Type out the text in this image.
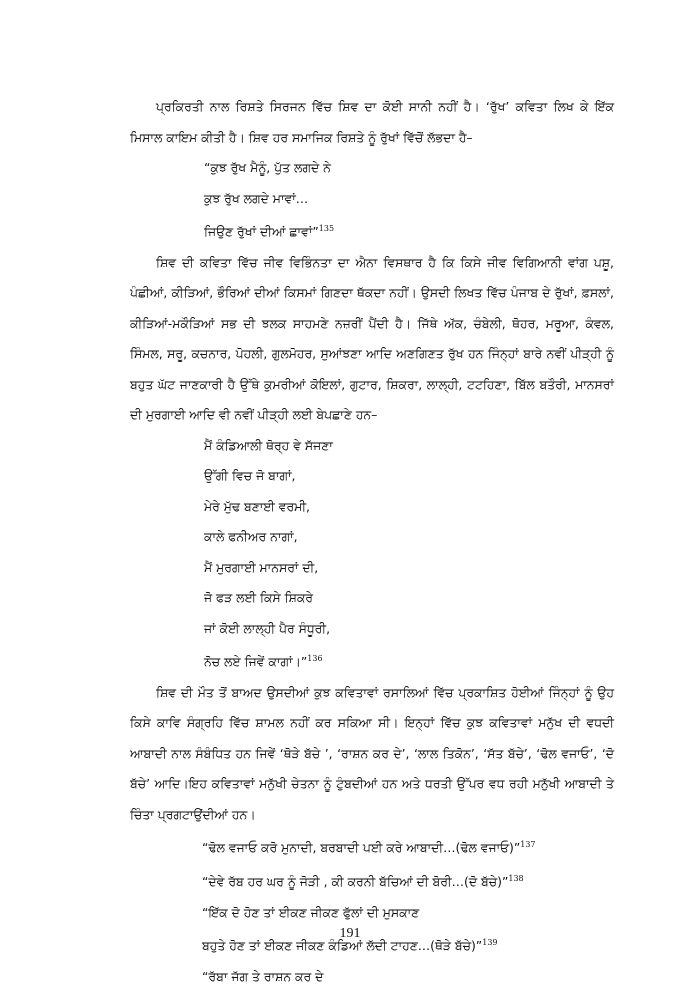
ਪ੍ਰਕਿਰਤੀ ਨਾਲ ਰਿਸ਼ਤੇ ਸਿਰਜਨ ਵਿੱਚ ਸ਼ਿਵ ਦਾ ਕੋਈ ਸਾਨੀ ਨਹੀਂ ਹੈ। ‘ਰੁੱਖ’ ਕਵਿਤਾ ਲਿਖ ਕੇ ਇੱਕ ਮਿਸਾਲ ਕਾਇਮ ਕੀਤੀ ਹੈ। ਸ਼ਿਵ ਹਰ ਸਮਾਜਿਕ ਰਿਸ਼ਤੇ ਨੂੰ ਰੁੱਖਾਂ ਵਿੱਚੋਂ ਲੱਭਦਾ ਹੈ–

“ਕੁਝ ਰੁੱਖ ਮੈਨੂੰ, ਪੁੱਤ ਲਗਦੇ ਨੇ
ਕੁਝ ਰੁੱਖ ਲਗਦੇ ਮਾਵਾਂ…
ਜਿਉਣ ਰੁੱਖਾਂ ਦੀਆਂ ਛਾਵਾਂ”$^{135}$

ਸ਼ਿਵ ਦੀ ਕਵਿਤਾ ਵਿੱਚ ਜੀਵ ਵਿਭਿੰਨਤਾ ਦਾ ਐਨਾ ਵਿਸਥਾਰ ਹੈ ਕਿ ਕਿਸੇ ਜੀਵ ਵਿਗਿਆਨੀ ਵਾਂਗ ਪਸ਼ੂ, ਪੰਛੀਆਂ, ਕੀੜਿਆਂ, ਭੌਰਿਆਂ ਦੀਆਂ ਕਿਸਮਾਂ ਗਿਣਦਾ ਥੱਕਦਾ ਨਹੀਂ। ਉਸਦੀ ਲਿਖਤ ਵਿੱਚ ਪੰਜਾਬ ਦੇ ਰੁੱਖਾਂ, ਫ਼ਸਲਾਂ, ਕੀੜਿਆਂ-ਮਕੌੜਿਆਂ ਸਭ ਦੀ ਝਲਕ ਸਾਹਮਣੇ ਨਜ਼ਰੀਂ ਪੈਂਦੀ ਹੈ। ਜਿੱਥੇ ਅੱਕ, ਚੰਬੇਲੀ, ਥੋਹਰ, ਮਰੂਆ, ਕੰਵਲ, ਸਿੰਮਲ, ਸਰੂ, ਕਚਨਾਰ, ਪੋਹਲੀ, ਗੁਲਮੋਹਰ, ਸੁਆਂਝਣਾ ਆਦਿ ਅਣਗਿਣਤ ਰੁੱਖ ਹਨ ਜਿੰਨ੍ਹਾਂ ਬਾਰੇ ਨਵੀਂ ਪੀੜ੍ਹੀ ਨੂੰ ਬਹੁਤ ਘੱਟ ਜਾਣਕਾਰੀ ਹੈ ਉੱਥੇ ਕੁਮਰੀਆਂ ਕੋਇਲਾਂ, ਗੁਟਾਰ, ਸ਼ਿਕਰਾ, ਲਾਲ੍ਹੀ, ਟਟਹਿਣਾ, ਬਿੱਲ ਬਤੌਰੀ, ਮਾਨਸਰਾਂ ਦੀ ਮੁਰਗਾਈ ਆਦਿ ਵੀ ਨਵੀਂ ਪੀੜ੍ਹੀ ਲਈ ਬੇਪਛਾਣੇ ਹਨ–

ਮੈਂ ਕੰਡਿਆਲੀ ਥੋਰ੍ਹ ਵੇ ਸੱਜਣਾ
ਉੱਗੀ ਵਿਚ ਜੋ ਬਾਗਾਂ,
ਮੇਰੇ ਮੁੱਢ ਬਣਾਈ ਵਰਮੀ,
ਕਾਲੇ ਫਨੀਅਰ ਨਾਗਾਂ,
ਮੈਂ ਮੁਰਗਾਈ ਮਾਨਸਰਾਂ ਦੀ,
ਜੋ ਫੜ ਲਈ ਕਿਸੇ ਸ਼ਿਕਰੇ
ਜਾਂ ਕੋਈ ਲਾਲ੍ਹੀ ਪੈਰ ਸੰਧੂਰੀ,
ਨੋਚ ਲਏ ਜਿਵੇਂ ਕਾਗਾਂ।”$^{136}$

ਸ਼ਿਵ ਦੀ ਮੌਤ ਤੋਂ ਬਾਅਦ ਉਸਦੀਆਂ ਕੁਝ ਕਵਿਤਾਵਾਂ ਰਸਾਲਿਆਂ ਵਿੱਚ ਪ੍ਰਕਾਸ਼ਿਤ ਹੋਈਆਂ ਜਿੰਨ੍ਹਾਂ ਨੂੰ ਉਹ ਕਿਸੇ ਕਾਵਿ ਸੰਗ੍ਰਹਿ ਵਿੱਚ ਸ਼ਾਮਲ ਨਹੀਂ ਕਰ ਸਕਿਆ ਸੀ। ਇਨ੍ਹਾਂ ਵਿੱਚ ਕੁਝ ਕਵਿਤਾਵਾਂ ਮਨੁੱਖ ਦੀ ਵਧਦੀ ਆਬਾਦੀ ਨਾਲ ਸੰਬੰਧਿਤ ਹਨ ਜਿਵੇਂ ‘ਥੋੜੇ ਬੱਚੇ ’, ‘ਰਾਸ਼ਨ ਕਰ ਦੇ’, ‘ਲਾਲ ਤਿਕੋਨ’, ‘ਸੱਤ ਬੱਚੇ’, ‘ਢੋਲ ਵਜਾਓ’, ‘ਦੋ ਬੱਚੇ’ ਆਦਿ।ਇਹ ਕਵਿਤਾਵਾਂ ਮਨੁੱਖੀ ਚੇਤਨਾ ਨੂੰ ਟੁੰਬਦੀਆਂ ਹਨ ਅਤੇ ਧਰਤੀ ਉੱਪਰ ਵਧ ਰਹੀ ਮਨੁੱਖੀ ਆਬਾਦੀ ਤੇ ਚਿੰਤਾ ਪ੍ਰਗਟਾਉਂਦੀਆਂ ਹਨ।

“ਢੋਲ ਵਜਾਓ ਕਰੋ ਮੁਨਾਦੀ, ਬਰਬਾਦੀ ਪਈ ਕਰੇ ਆਬਾਦੀ…(ਢੋਲ ਵਜਾਓ)”$^{137}$
“ਦੇਵੇ ਰੱਬ ਹਰ ਘਰ ਨੂੰ ਜੋੜੀ , ਕੀ ਕਰਨੀ ਬੱਚਿਆਂ ਦੀ ਬੋਰੀ…(ਦੋ ਬੱਚੇ)”$^{138}$
“ਇੱਕ ਦੋ ਹੋਣ ਤਾਂ ਈਕਣ ਜੀਕਣ ਫੁੱਲਾਂ ਦੀ ਮੁਸਕਾਣ
ਬਹੁਤੇ ਹੋਣ ਤਾਂ ਈਕਣ ਜੀਕਣ ਕੰਡਿਆਂ ਲੱਦੀ ਟਾਹਣ…(ਥੋੜੇ ਬੱਚੇ)”$^{139}$
“ਰੱਬਾ ਜੱਗ ਤੇ ਰਾਸ਼ਨ ਕਰ ਦੇ
191
